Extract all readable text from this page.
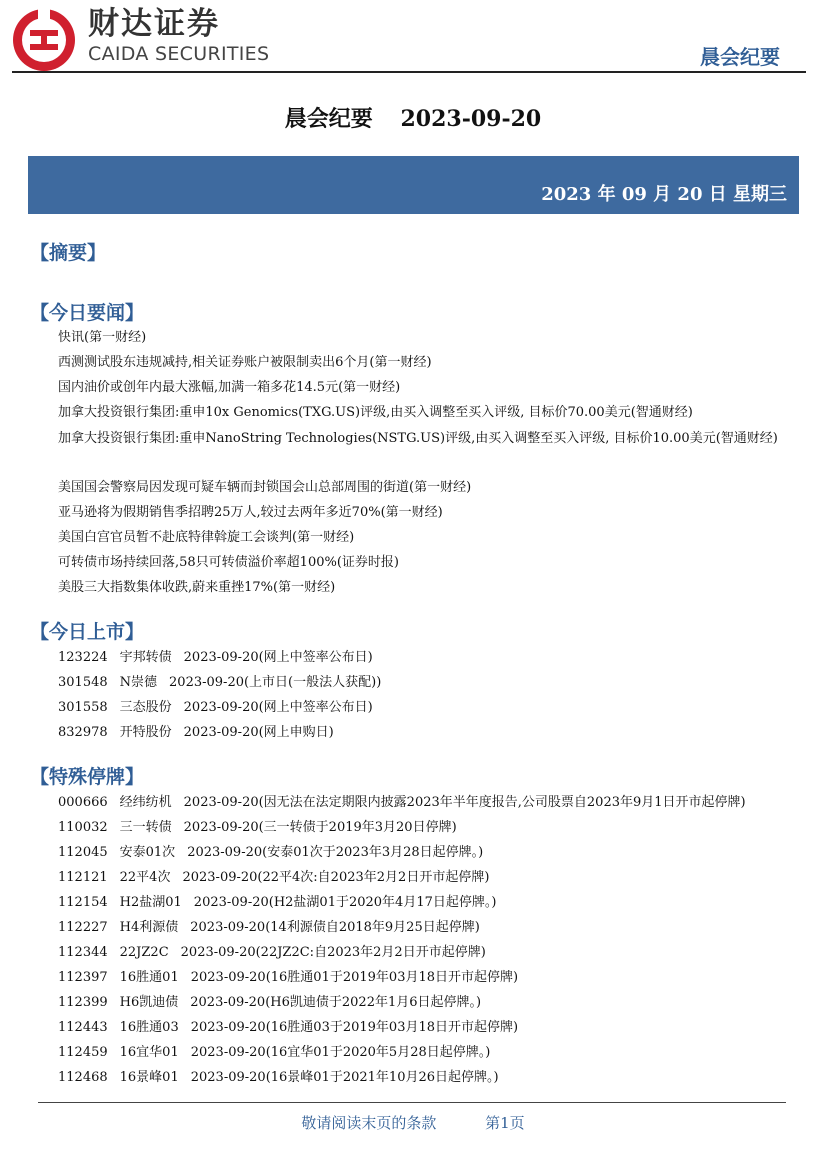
财达证券
CAIDA SECURITIES	晨会纪要
晨会纪要 2023-09-20
2023 年 09 月 20 日 星期三
【摘要】
【今日要闻】
快讯(第一财经)
西测测试股东违规减持,相关证券账户被限制卖出6个月(第一财经)
国内油价或创年内最大涨幅,加满一箱多花14.5元(第一财经)
加拿大投资银行集团:重申10x Genomics(TXG.US)评级,由买入调整至买入评级, 目标价70.00美元(智通财经)
加拿大投资银行集团:重申NanoString Technologies(NSTG.US)评级,由买入调整至买入评级, 目标价10.00美元(智通财经)
美国国会警察局因发现可疑车辆而封锁国会山总部周围的街道(第一财经)
亚马逊将为假期销售季招聘25万人,较过去两年多近70%(第一财经)
美国白宫官员暂不赴底特律斡旋工会谈判(第一财经)
可转债市场持续回落,58只可转债溢价率超100%(证券时报)
美股三大指数集体收跌,蔚来重挫17%(第一财经)
【今日上市】
123224 宇邦转债 2023-09-20(网上中签率公布日)
301548 N崇德 2023-09-20(上市日(一般法人获配))
301558 三态股份 2023-09-20(网上中签率公布日)
832978 开特股份 2023-09-20(网上申购日)
【特殊停牌】
000666 经纬纺机 2023-09-20(因无法在法定期限内披露2023年半年度报告,公司股票自2023年9月1日开市起停牌)
110032 三一转债 2023-09-20(三一转债于2019年3月20日停牌)
112045 安泰01次 2023-09-20(安泰01次于2023年3月28日起停牌。)
112121 22平4次 2023-09-20(22平4次:自2023年2月2日开市起停牌)
112154 H2盐湖01 2023-09-20(H2盐湖01于2020年4月17日起停牌。)
112227 H4利源债 2023-09-20(14利源债自2018年9月25日起停牌)
112344 22JZ2C 2023-09-20(22JZ2C:自2023年2月2日开市起停牌)
112397 16胜通01 2023-09-20(16胜通01于2019年03月18日开市起停牌)
112399 H6凯迪债 2023-09-20(H6凯迪债于2022年1月6日起停牌。)
112443 16胜通03 2023-09-20(16胜通03于2019年03月18日开市起停牌)
112459 16宜华01 2023-09-20(16宜华01于2020年5月28日起停牌。)
112468 16景峰01 2023-09-20(16景峰01于2021年10月26日起停牌。)
敬请阅读末页的条款	第1页
